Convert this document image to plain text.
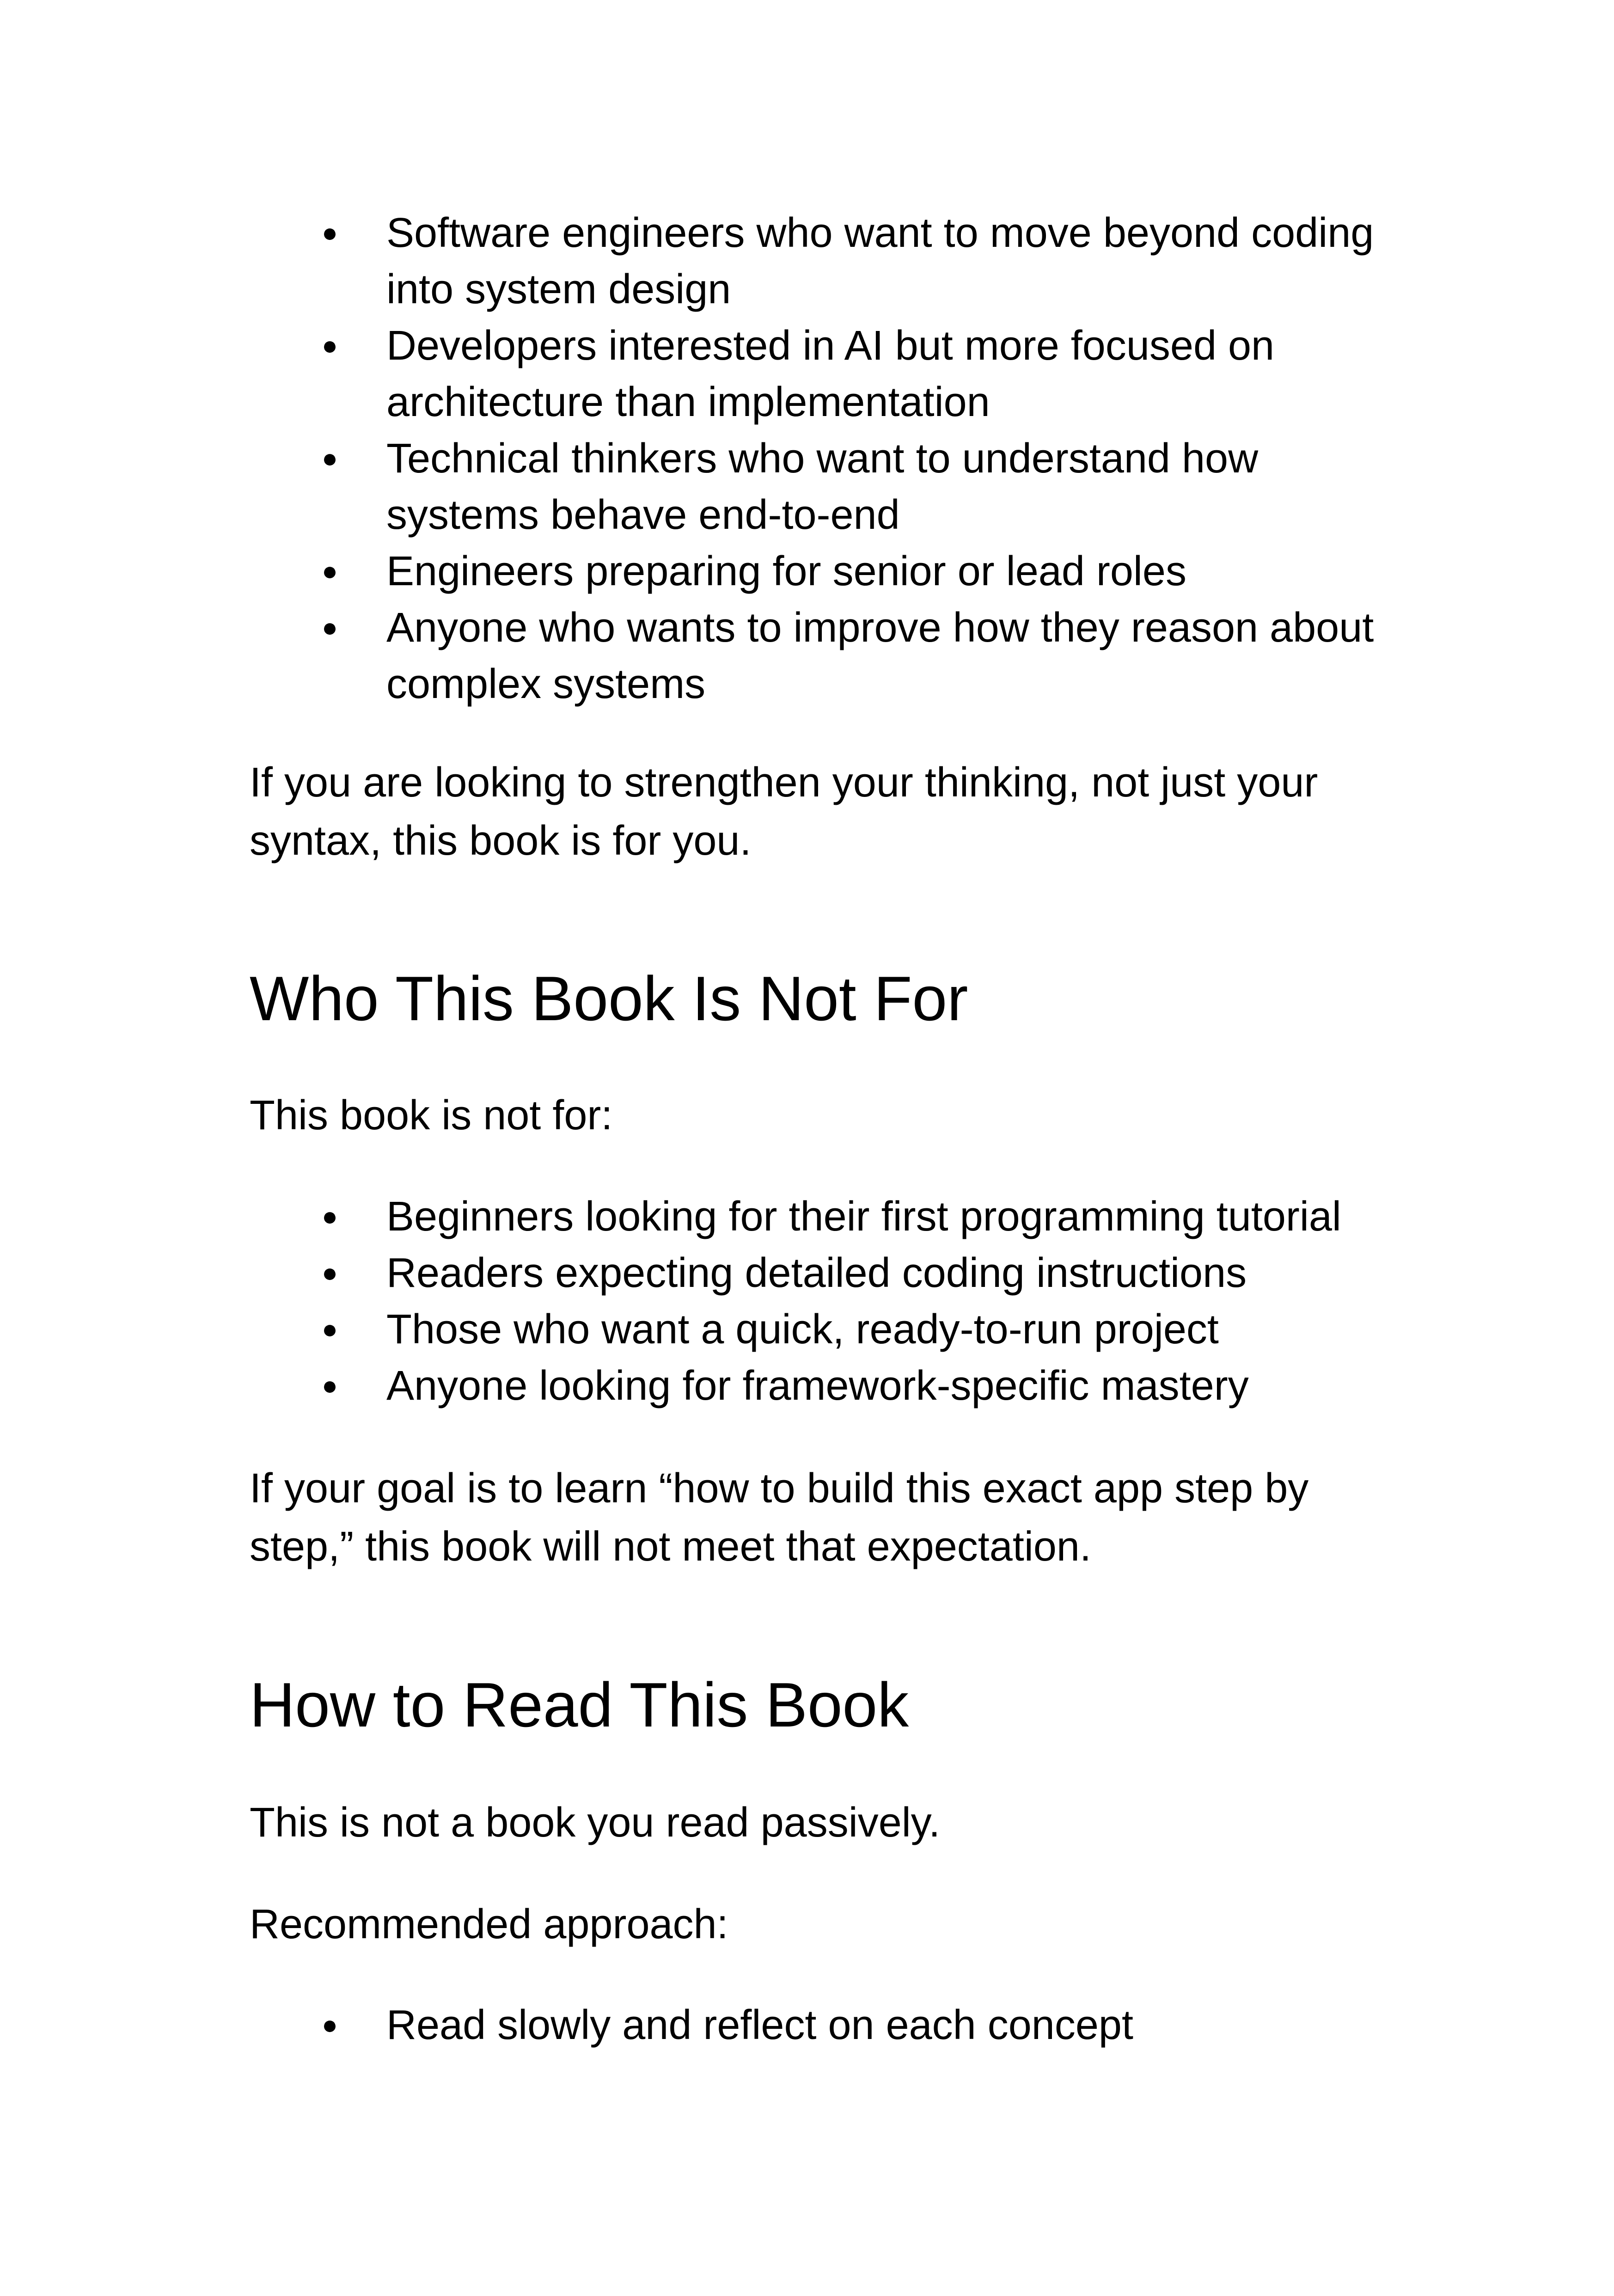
● Software engineers who want to move beyond coding into system design
● Developers interested in AI but more focused on architecture than implementation
● Technical thinkers who want to understand how systems behave end-to-end
● Engineers preparing for senior or lead roles
● Anyone who wants to improve how they reason about complex systems

If you are looking to strengthen your thinking, not just your syntax, this book is for you.

Who This Book Is Not For

This book is not for:

● Beginners looking for their first programming tutorial
● Readers expecting detailed coding instructions
● Those who want a quick, ready-to-run project
● Anyone looking for framework-specific mastery

If your goal is to learn “how to build this exact app step by step,” this book will not meet that expectation.

How to Read This Book

This is not a book you read passively.

Recommended approach:

● Read slowly and reflect on each concept
